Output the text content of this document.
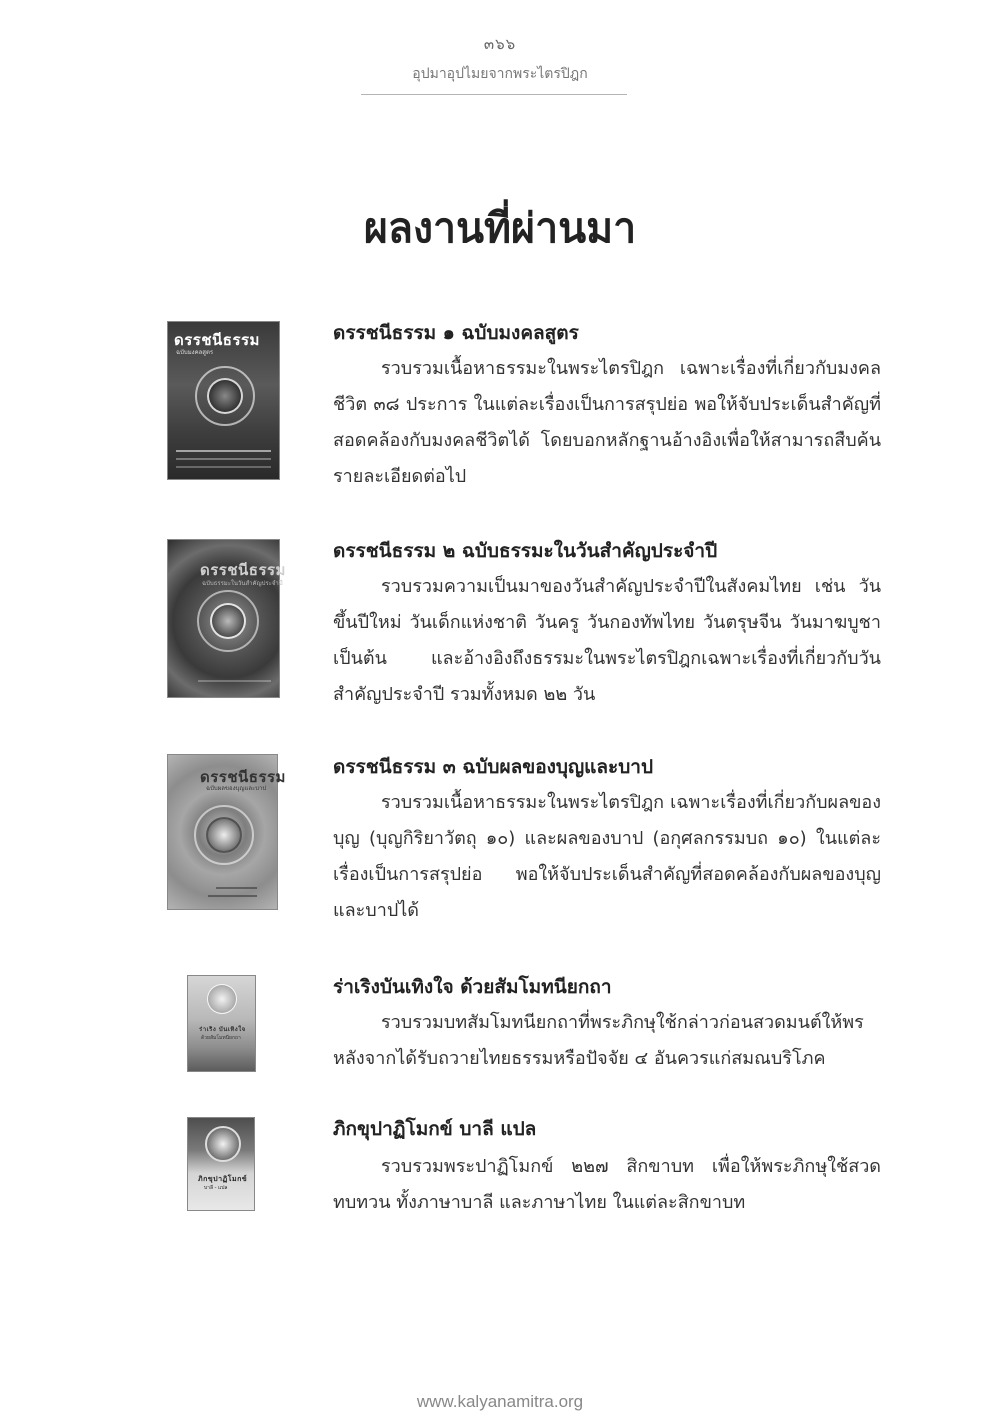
๓๖๖
อุปมาอุปไมยจากพระไตรปิฎก
ผลงานที่ผ่านมา
ดรรชนีธรรม
ฉบับมงคลสูตร
ดรรชนีธรรม ๑ ฉบับมงคลสูตร
รวบรวมเนื้อหาธรรมะในพระไตรปิฎก เฉพาะเรื่องที่เกี่ยวกับมงคลชีวิต ๓๘ ประการ ในแต่ละเรื่องเป็นการสรุปย่อ พอให้จับประเด็นสำคัญที่สอดคล้องกับมงคลชีวิตได้ โดยบอกหลักฐานอ้างอิงเพื่อให้สามารถสืบค้นรายละเอียดต่อไป
ดรรชนีธรรม
ฉบับธรรมะในวันสำคัญประจำปี
ดรรชนีธรรม ๒ ฉบับธรรมะในวันสำคัญประจำปี
รวบรวมความเป็นมาของวันสำคัญประจำปีในสังคมไทย เช่น วันขึ้นปีใหม่ วันเด็กแห่งชาติ วันครู วันกองทัพไทย วันตรุษจีน วันมาฆบูชา เป็นต้น และอ้างอิงถึงธรรมะในพระไตรปิฎกเฉพาะเรื่องที่เกี่ยวกับวันสำคัญประจำปี รวมทั้งหมด ๒๒ วัน
ดรรชนีธรรม
ฉบับผลของบุญและบาป
ดรรชนีธรรม ๓ ฉบับผลของบุญและบาป
รวบรวมเนื้อหาธรรมะในพระไตรปิฎก เฉพาะเรื่องที่เกี่ยวกับผลของบุญ (บุญกิริยาวัตถุ ๑๐) และผลของบาป (อกุศลกรรมบถ ๑๐) ในแต่ละเรื่องเป็นการสรุปย่อ พอให้จับประเด็นสำคัญที่สอดคล้องกับผลของบุญและบาปได้
ร่าเริง บันเทิงใจ
ด้วยสัมโมทนียกถา
ร่าเริงบันเทิงใจ ด้วยสัมโมทนียกถา
รวบรวมบทสัมโมทนียกถาที่พระภิกษุใช้กล่าวก่อนสวดมนต์ให้พร หลังจากได้รับถวายไทยธรรมหรือปัจจัย ๔ อันควรแก่สมณบริโภค
ภิกขุปาฏิโมกข์
บาลี - แปล
ภิกขุปาฏิโมกข์ บาลี แปล
รวบรวมพระปาฏิโมกข์ ๒๒๗ สิกขาบท เพื่อให้พระภิกษุใช้สวดทบทวน ทั้งภาษาบาลี และภาษาไทย ในแต่ละสิกขาบท
www.kalyanamitra.org
